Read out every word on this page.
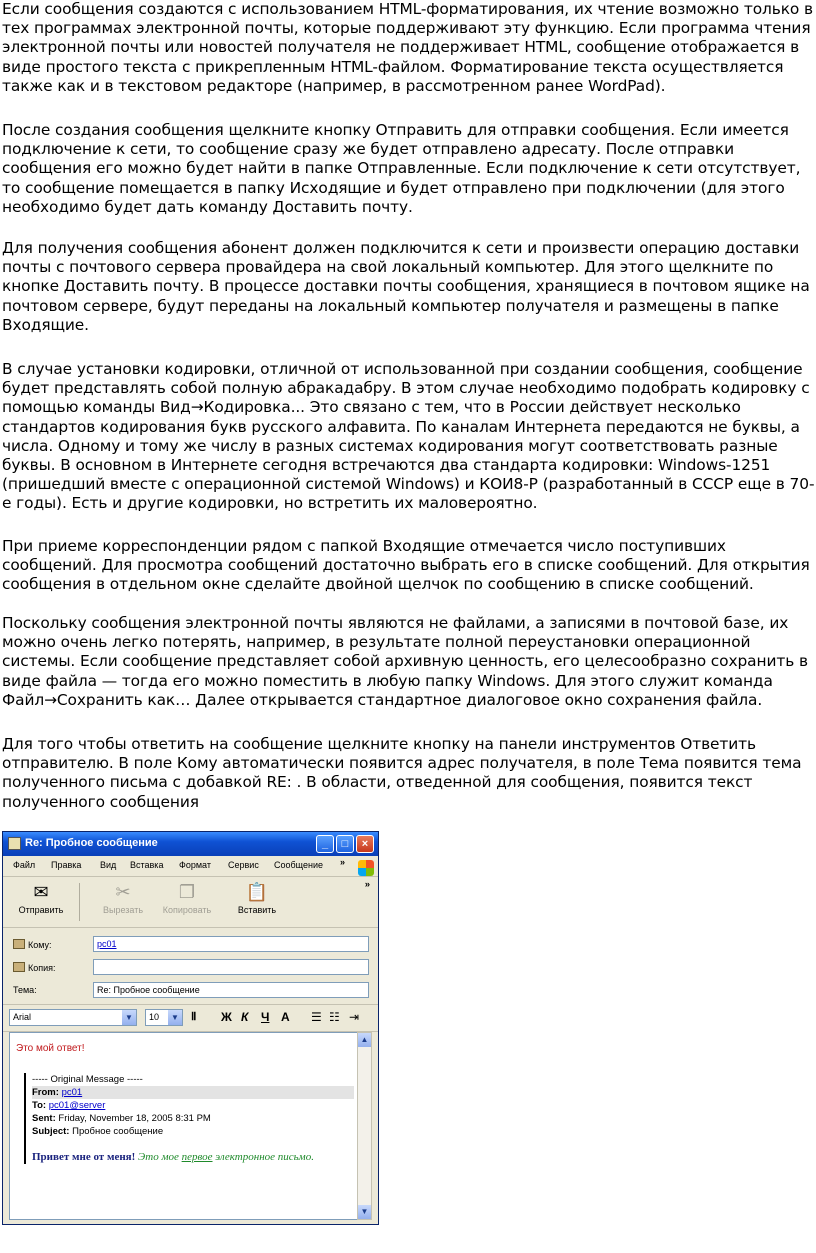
Если сообщения создаются с использованием HTML-форматирования, их чтение возможно только в тех программах электронной почты, которые поддерживают эту функцию. Если программа чтения электронной почты или новостей получателя не поддерживает HTML, сообщение отображается в виде простого текста с прикрепленным HTML-файлом. Форматирование текста осуществляется также как и в текстовом редакторе (например, в рассмотренном ранее WordPad).

После создания сообщения щелкните кнопку Отправить для отправки сообщения. Если имеется подключение к сети, то сообщение сразу же будет отправлено адресату. После отправки сообщения его можно будет найти в папке Отправленные. Если подключение к сети отсутствует, то сообщение помещается в папку Исходящие и будет отправлено при подключении (для этого необходимо будет дать команду Доставить почту.

Для получения сообщения абонент должен подключится к сети и произвести операцию доставки почты с почтового сервера провайдера на свой локальный компьютер. Для этого щелкните по кнопке Доставить почту. В процессе доставки почты сообщения, хранящиеся в почтовом ящике на почтовом сервере, будут переданы на локальный компьютер получателя и размещены в папке Входящие.

В случае установки кодировки, отличной от использованной при создании сообщения, сообщение будет представлять собой полную абракадабру. В этом случае необходимо подобрать кодировку с помощью команды Вид→Кодировка... Это связано с тем, что в России действует несколько стандартов кодирования букв русского алфавита. По каналам Интернета передаются не буквы, а числа. Одному и тому же числу в разных системах кодирования могут соответствовать разные буквы. В основном в Интернете сегодня встречаются два стандарта кодировки: Windows-1251 (пришедший вместе с операционной системой Windows) и КОИ8-Р (разработанный в СССР еще в 70-е годы). Есть и другие кодировки, но встретить их маловероятно.

При приеме корреспонденции рядом с папкой Входящие отмечается число поступивших сообщений. Для просмотра сообщений достаточно выбрать его в списке сообщений. Для открытия сообщения в отдельном окне сделайте двойной щелчок по сообщению в списке сообщений.

Поскольку сообщения электронной почты являются не файлами, а записями в почтовой базе, их можно очень легко потерять, например, в результате полной переустановки операционной системы. Если сообщение представляет собой архивную ценность, его целесообразно сохранить в виде файла — тогда его можно поместить в любую папку Windows. Для этого служит команда Файл→Сохранить как… Далее открывается стандартное диалоговое окно сохранения файла.

Для того чтобы ответить на сообщение щелкните кнопку на панели инструментов Ответить отправителю. В поле Кому автоматически появится адрес получателя, в поле Тема появится тема полученного письма с добавкой RE: . В области, отведенной для сообщения, появится текст полученного сообщения

Re: Пробное сообщение	_	□	×
Файл Правка Вид Вставка Формат Сервис Сообщение »
✉
Отправить
✂
Вырезать
❐
Копировать
📋
Вставить
»
Кому:	pc01
Копия:
Тема:	Re: Пробное сообщение
Arial	▼	10	▼ Ⅱ Ж К Ч A ☰ ☷ ⇥
Это мой ответ!
----- Original Message -----
From: pc01
To: pc01@server
Sent: Friday, November 18, 2005 8:31 PM
Subject: Пробное сообщение
Привет мне от меня! Это мое первое электронное письмо.
▲
▼
